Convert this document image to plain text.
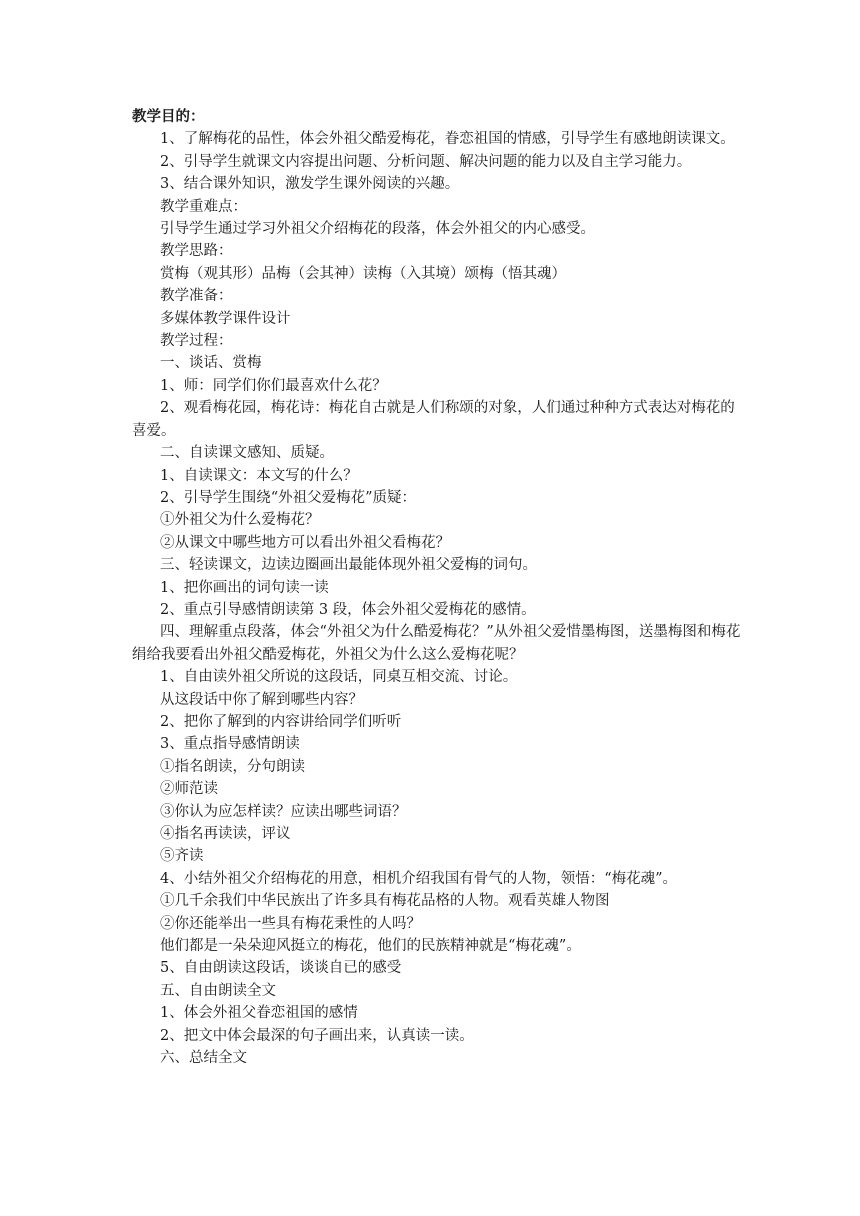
教学目的：

1、了解梅花的品性，体会外祖父酷爱梅花，眷恋祖国的情感，引导学生有感地朗读课文。

2、引导学生就课文内容提出问题、分析问题、解决问题的能力以及自主学习能力。

3、结合课外知识，激发学生课外阅读的兴趣。

教学重难点：

引导学生通过学习外祖父介绍梅花的段落，体会外祖父的内心感受。

教学思路：

赏梅（观其形）品梅（会其神）读梅（入其境）颂梅（悟其魂）

教学准备：

多媒体教学课件设计

教学过程：

一、谈话、赏梅

1、师：同学们你们最喜欢什么花？

2、观看梅花园，梅花诗：梅花自古就是人们称颂的对象，人们通过种种方式表达对梅花的喜爱。

二、自读课文感知、质疑。

1、自读课文：本文写的什么？

2、引导学生围绕“外祖父爱梅花”质疑：

①外祖父为什么爱梅花？

②从课文中哪些地方可以看出外祖父看梅花？

三、轻读课文，边读边圈画出最能体现外祖父爱梅的词句。

1、把你画出的词句读一读

2、重点引导感情朗读第 3 段，体会外祖父爱梅花的感情。

四、理解重点段落，体会“外祖父为什么酷爱梅花？”从外祖父爱惜墨梅图，送墨梅图和梅花绢给我要看出外祖父酷爱梅花，外祖父为什么这么爱梅花呢？

1、自由读外祖父所说的这段话，同桌互相交流、讨论。

从这段话中你了解到哪些内容？

2、把你了解到的内容讲给同学们听听

3、重点指导感情朗读

①指名朗读，分句朗读

②师范读

③你认为应怎样读？应读出哪些词语？

④指名再读读，评议

⑤齐读

4、小结外祖父介绍梅花的用意，相机介绍我国有骨气的人物，领悟：“梅花魂”。

①几千余我们中华民族出了许多具有梅花品格的人物。观看英雄人物图

②你还能举出一些具有梅花秉性的人吗？

他们都是一朵朵迎风挺立的梅花，他们的民族精神就是“梅花魂”。

5、自由朗读这段话，谈谈自已的感受

五、自由朗读全文

1、体会外祖父眷恋祖国的感情

2、把文中体会最深的句子画出来，认真读一读。

六、总结全文
